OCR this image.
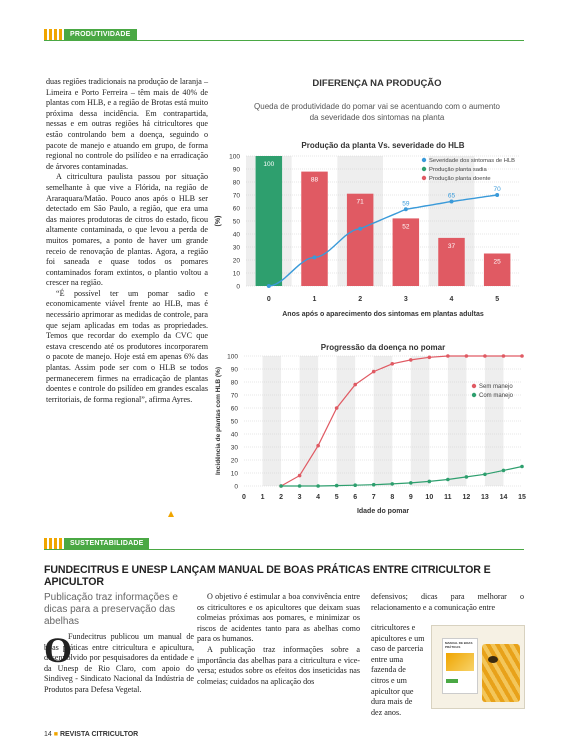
PRODUTIVIDADE

duas regiões tradicionais na produção de laranja – Limeira e Porto Ferreira – têm mais de 40% de plantas com HLB, e a região de Brotas está muito próxima dessa incidência. Em contrapartida, nessas e em outras regiões há citricultores que estão controlando bem a doença, seguindo o pacote de manejo e atuando em grupo, de forma regional no controle do psilídeo e na erradicação de árvores contaminadas.

A citricultura paulista passou por situação semelhante à que vive a Flórida, na região de Araraquara/Matão. Pouco anos após o HLB ser detectado em São Paulo, a região, que era uma das maiores produtoras de citros do estado, ficou altamente contaminada, o que levou a perda de muitos pomares, a ponto de haver um grande receio de renovação de plantas. Agora, a região foi saneada e quase todos os pomares contaminados foram extintos, o plantio voltou a crescer na região.

“É possível ter um pomar sadio e economicamente viável frente ao HLB, mas é necessário aprimorar as medidas de controle, para que sejam aplicadas em todas as propriedades. Temos que recordar do exemplo da CVC que estava crescendo até os produtores incorporarem o pacote de manejo. Hoje está em apenas 6% das plantas. Assim pode ser com o HLB se todos permanecerem firmes na erradicação de plantas doentes e controle do psilídeo em grandes escalas territoriais, de forma regional”, afirma Ayres.

DIFERENÇA NA PRODUÇÃO
Queda de produtividade do pomar vai se acentuando com o aumento da severidade dos sintomas na planta
Produção da planta Vs. severidade do HLB
0
10
20
30
40
50
60
70
80
90
100
(%)
100
88
71
52
37
25
59
65
70
0	1	2	3	4	5
Anos após o aparecimento dos sintomas em plantas adultas
Severidade dos sintomas de HLB
Produção planta sadia
Produção planta doente
Progressão da doença no pomar
0
10
20
30
40
50
60
70
80
90
100
Incidência de plantas com HLB (%)
0 1 2 3 4 5 6 7 8 9 10 11 12 13 14 15
Idade do pomar
Sem manejo
Com manejo
SUSTENTABILIDADE
FUNDECITRUS E UNESP LANÇAM MANUAL DE BOAS PRÁTICAS ENTRE CITRICULTOR E APICULTOR
Publicação traz informações e dicas para a preservação das abelhas
O
Fundecitrus publicou um manual de boas práticas entre citricultura e apicultura, desenvolvido por pesquisadores da entidade e da Unesp de Rio Claro, com apoio do Sindiveg - Sindicato Nacional da Indústria de Produtos para Defesa Vegetal.

O objetivo é estimular a boa convivência entre os citricultores e os apicultores que deixam suas colmeias próximas aos pomares, e minimizar os riscos de acidentes tanto para as abelhas como para os humanos.

A publicação traz informações sobre a importância das abelhas para a citricultura e vice-versa; estudos sobre os efeitos dos inseticidas nas colmeias; cuidados na aplicação dos

defensivos; dicas para melhorar o relacionamento e a comunicação entre
citricultores e apicultores e um caso de parceria entre uma fazenda de citros e um apicultor que dura mais de dez anos.
MANUAL DE BOAS PRÁTICAS
14 ■ REVISTA CITRICULTOR
